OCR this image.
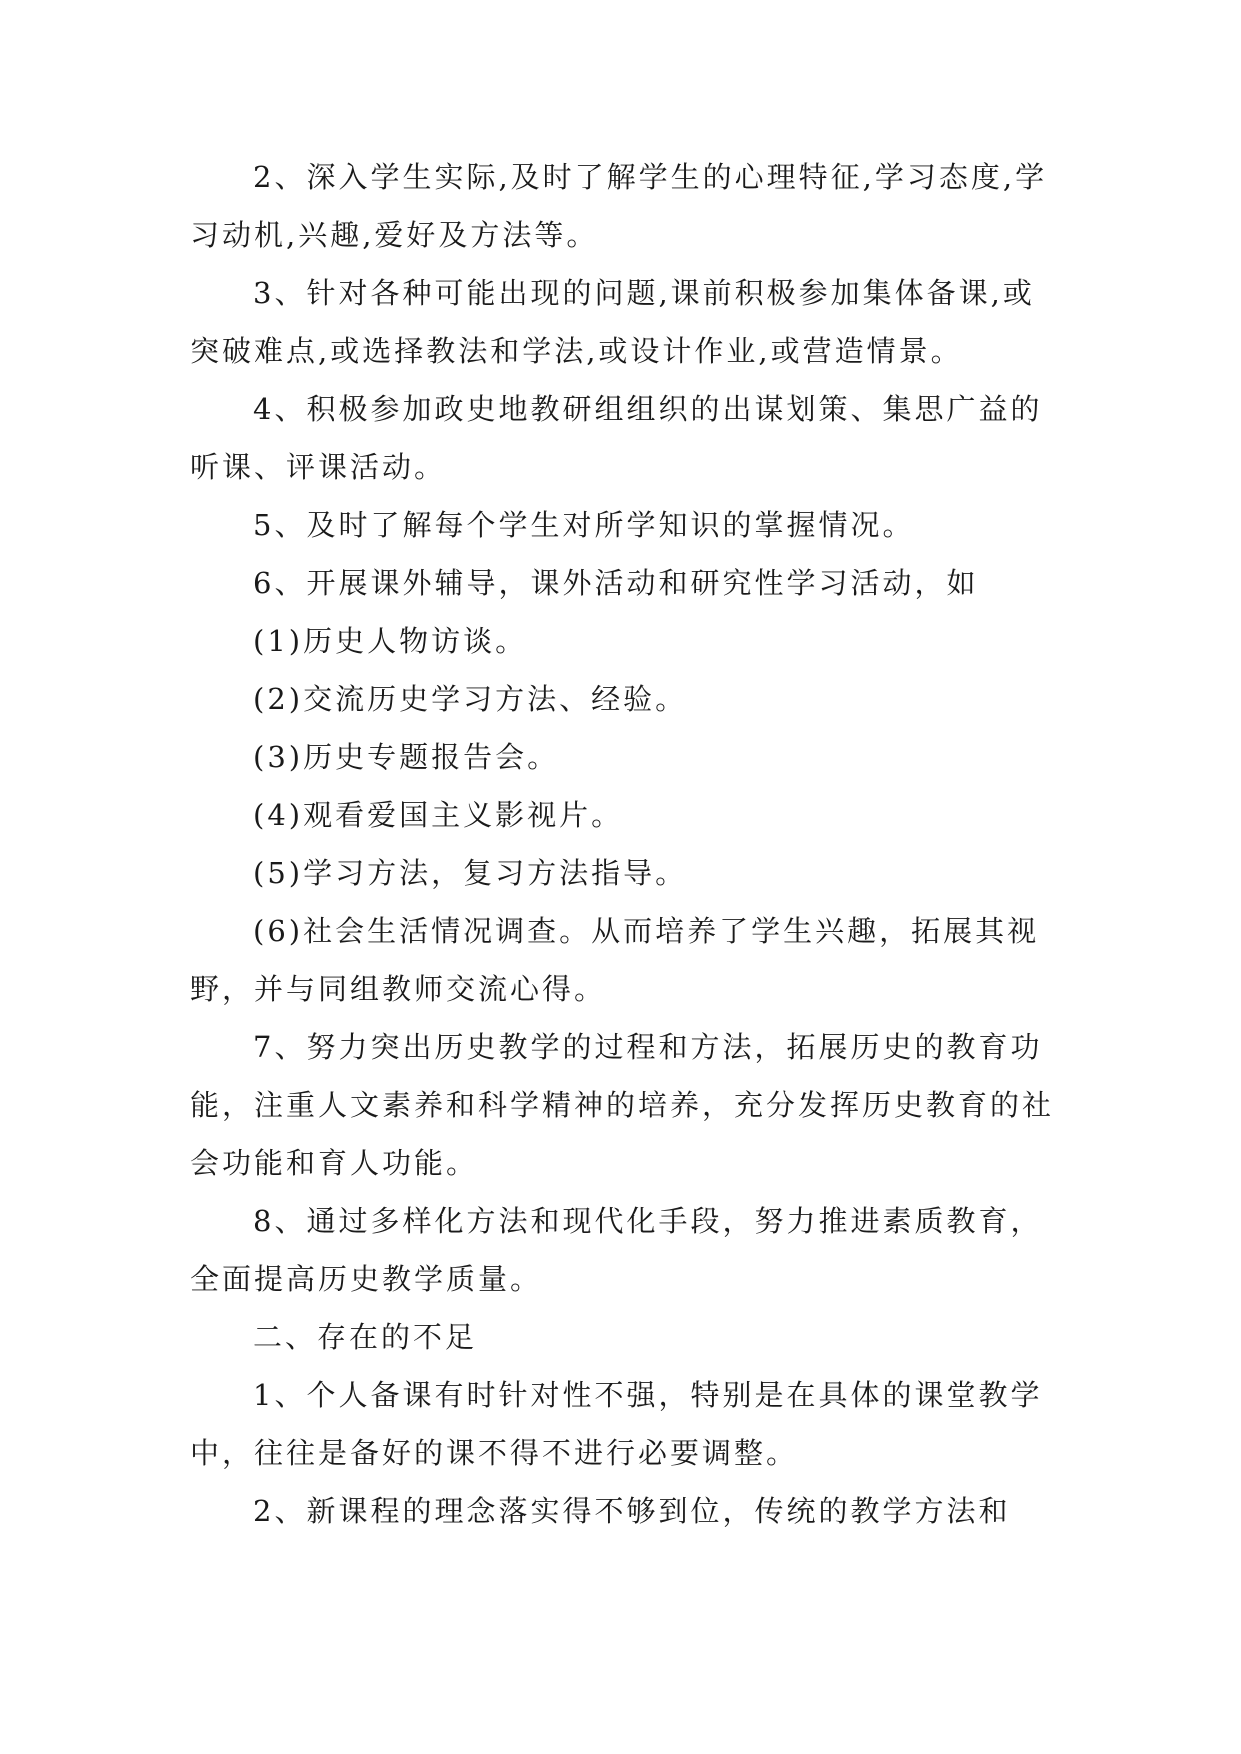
2、深入学生实际,及时了解学生的心理特征,学习态度,学习动机,兴趣,爱好及方法等。

3、针对各种可能出现的问题,课前积极参加集体备课,或突破难点,或选择教法和学法,或设计作业,或营造情景。

4、积极参加政史地教研组组织的出谋划策、集思广益的听课、评课活动。

5、及时了解每个学生对所学知识的掌握情况。

6、开展课外辅导，课外活动和研究性学习活动，如

(1)历史人物访谈。

(2)交流历史学习方法、经验。

(3)历史专题报告会。

(4)观看爱国主义影视片。

(5)学习方法，复习方法指导。

(6)社会生活情况调查。从而培养了学生兴趣，拓展其视野，并与同组教师交流心得。

7、努力突出历史教学的过程和方法，拓展历史的教育功能，注重人文素养和科学精神的培养，充分发挥历史教育的社会功能和育人功能。

8、通过多样化方法和现代化手段，努力推进素质教育，全面提高历史教学质量。

二、存在的不足

1、个人备课有时针对性不强，特别是在具体的课堂教学中，往往是备好的课不得不进行必要调整。

2、新课程的理念落实得不够到位，传统的教学方法和
